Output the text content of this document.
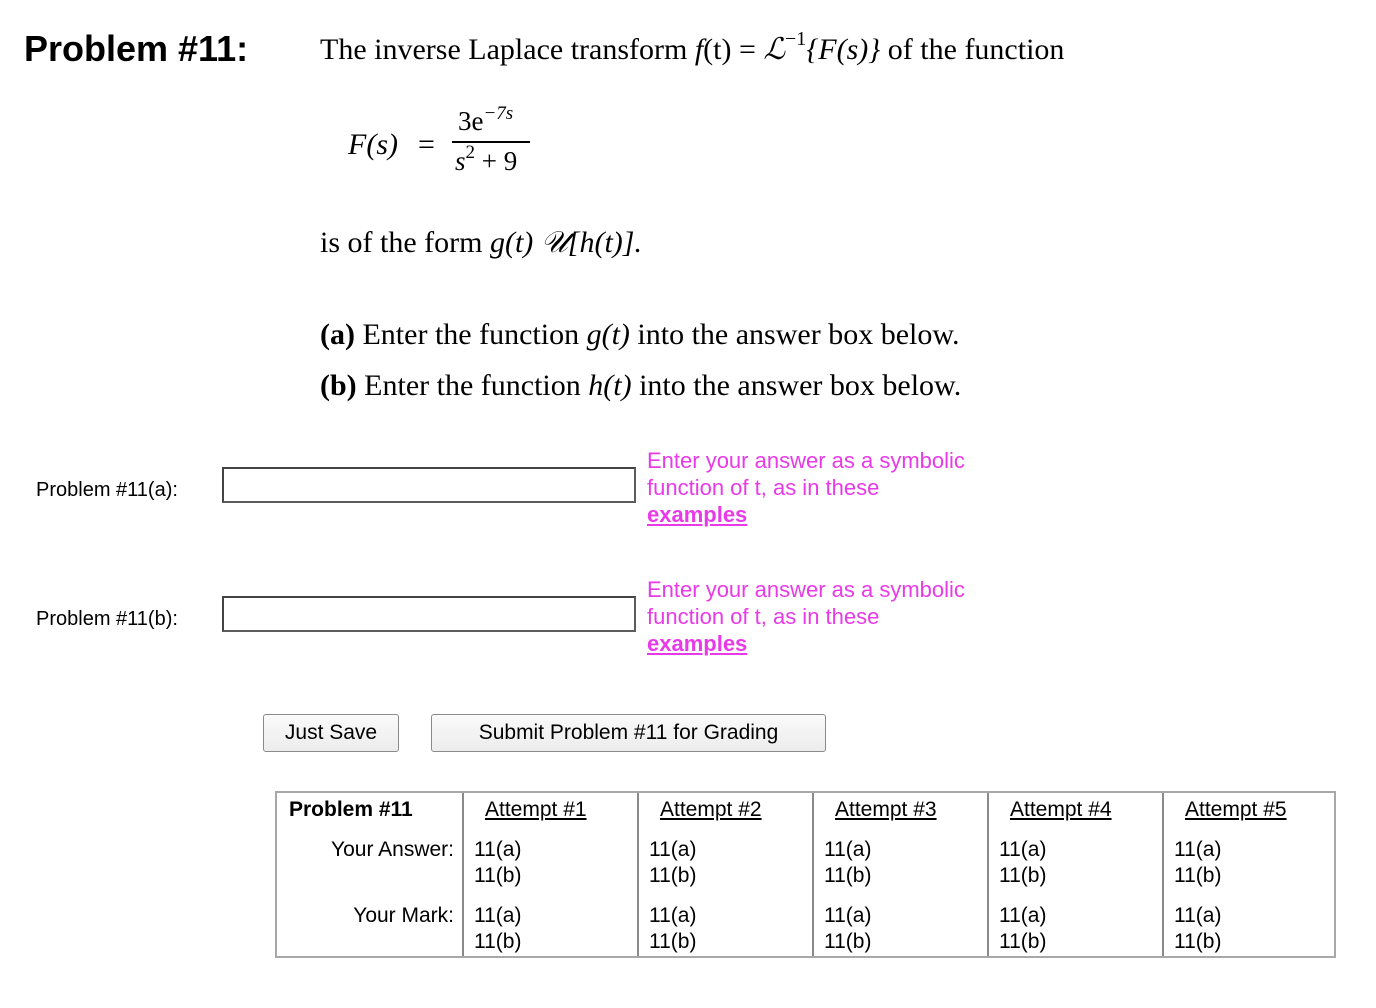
Problem #11: The inverse Laplace transform f(t) = ℒ$^{-1}${F(s)} of the function
F(s) =
$3e^{-7s}$
$s^2 + 9$
is of the form g(t) 𝒰[h(t)].
(a) Enter the function g(t) into the answer box below.
(b) Enter the function h(t) into the answer box below.
Problem #11(a):
Enter your answer as a symbolic function of t, as in these
examples
Problem #11(b):
Enter your answer as a symbolic function of t, as in these
examples
Just Save	Submit Problem #11 for Grading
Problem #11
Your Answer:
Your Mark:
Attempt #1
11(a)
11(b)
11(a)
11(b)
Attempt #2
11(a)
11(b)
11(a)
11(b)
Attempt #3
11(a)
11(b)
11(a)
11(b)
Attempt #4
11(a)
11(b)
11(a)
11(b)
Attempt #5
11(a)
11(b)
11(a)
11(b)
